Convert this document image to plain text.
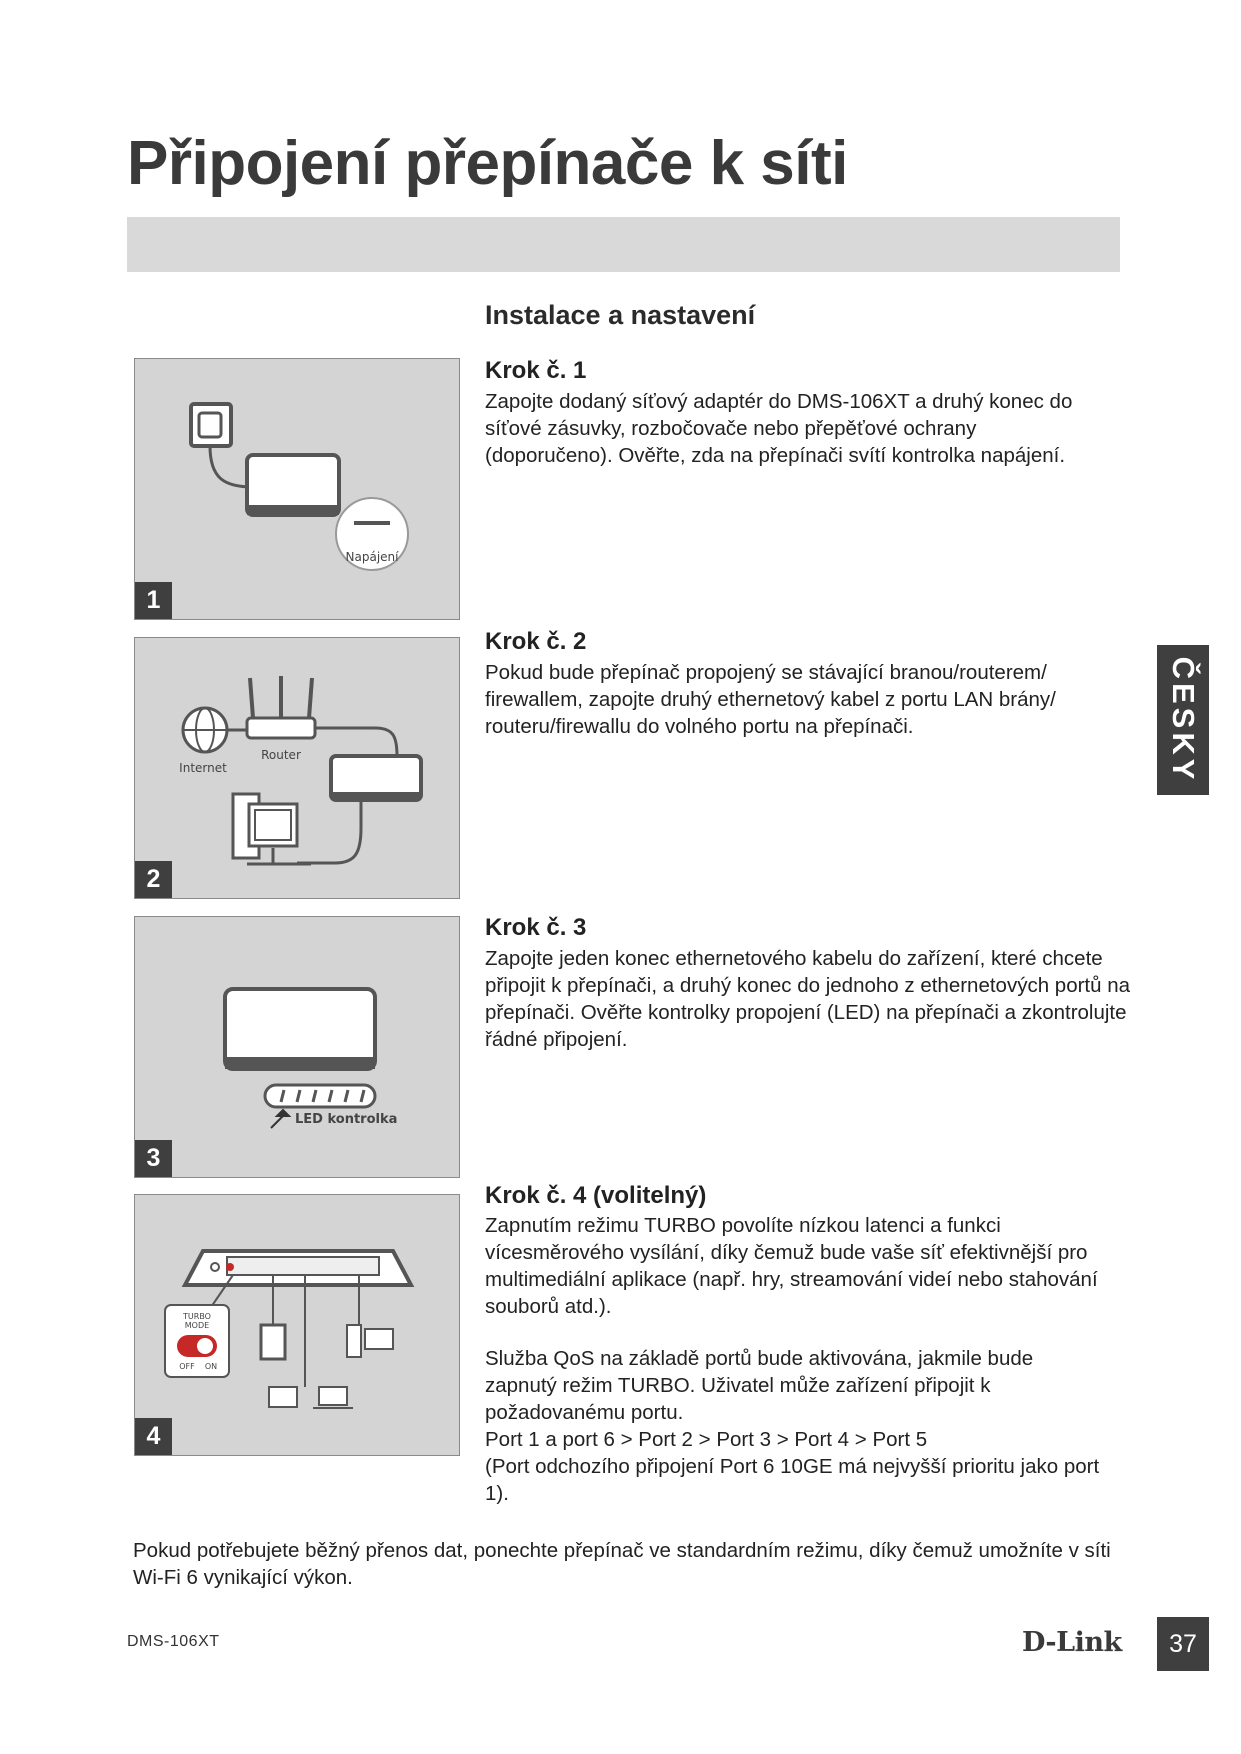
Připojení přepínače k síti
Instalace a nastavení
Krok č. 1

Zapojte dodaný síťový adaptér do DMS-106XT a druhý konec do síťové zásuvky, rozbočovače nebo přepěťové ochrany (doporučeno). Ověřte, zda na přepínači svítí kontrolka napájení.

Napájení
1
Krok č. 2

Pokud bude přepínač propojený se stávající branou/routerem/ firewallem, zapojte druhý ethernetový kabel z portu LAN brány/ routeru/firewallu do volného portu na přepínači.

Internet
Router
2
Krok č. 3

Zapojte jeden konec ethernetového kabelu do zařízení, které chcete připojit k přepínači, a druhý konec do jednoho z ethernetových portů na přepínači. Ověřte kontrolky propojení (LED) na přepínači a zkontrolujte řádné připojení.

LED kontrolka
3
Krok č. 4 (volitelný)

Zapnutím režimu TURBO povolíte nízkou latenci a funkci vícesměrového vysílání, díky čemuž bude vaše síť efektivnější pro multimediální aplikace (např. hry, streamování videí nebo stahování souborů atd.).

Služba QoS na základě portů bude aktivována, jakmile bude zapnutý režim TURBO. Uživatel může zařízení připojit k požadovanému portu.

Port 1 a port 6 > Port 2 > Port 3 > Port 4 > Port 5

(Port odchozího připojení Port 6 10GE má nejvyšší prioritu jako port 1).

TURBO
MODE
OFF ON
4
ČESKY

Pokud potřebujete běžný přenos dat, ponechte přepínač ve standardním režimu, díky čemuž umožníte v síti Wi-Fi 6 vynikající výkon.

DMS-106XT	D-Link	37
